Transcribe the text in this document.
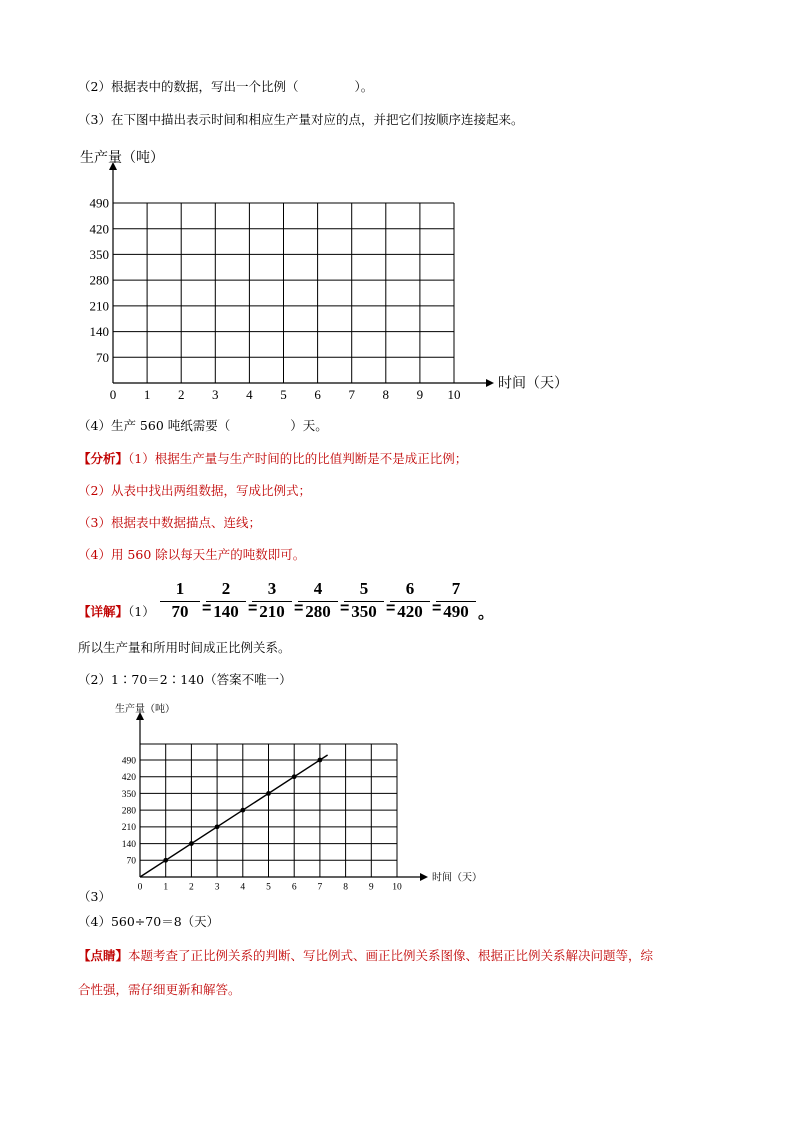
（2）根据表中的数据，写出一个比例（	）。
（3）在下图中描出表示时间和相应生产量对应的点，并把它们按顺序连接起来。
0 1 2 3 4 5 6 7 8 9 10
70
140
210
280
350
420
490
时间（天）
生产量（吨）
（4）生产 560 吨纸需要（	）天。
【分析】（1）根据生产量与生产时间的比的比值判断是不是成正比例；
（2）从表中找出两组数据，写成比例式；
（3）根据表中数据描点、连线；
（4）用 560 除以每天生产的吨数即可。
【详解】$(1) \frac{1}{70}$ =
$\frac{2}{140}$ =
$\frac{3}{210}$ =
$\frac{4}{280}$ =
$\frac{5}{350}$ =
$\frac{6}{420}$ =
$\frac{7}{490}$ 。
所以生产量和所用时间成正比例关系。
（2）1∶70＝2∶140（答案不唯一）
0 1 2 3 4 5 6 7 8 9 10
70
140
210
280
350
420
490
时间（天）
生产量（吨）
（3）
（4）560÷70＝8（天）
【点睛】本题考查了正比例关系的判断、写比例式、画正比例关系图像、根据正比例关系解决问题等，综
合性强，需仔细更新和解答。
